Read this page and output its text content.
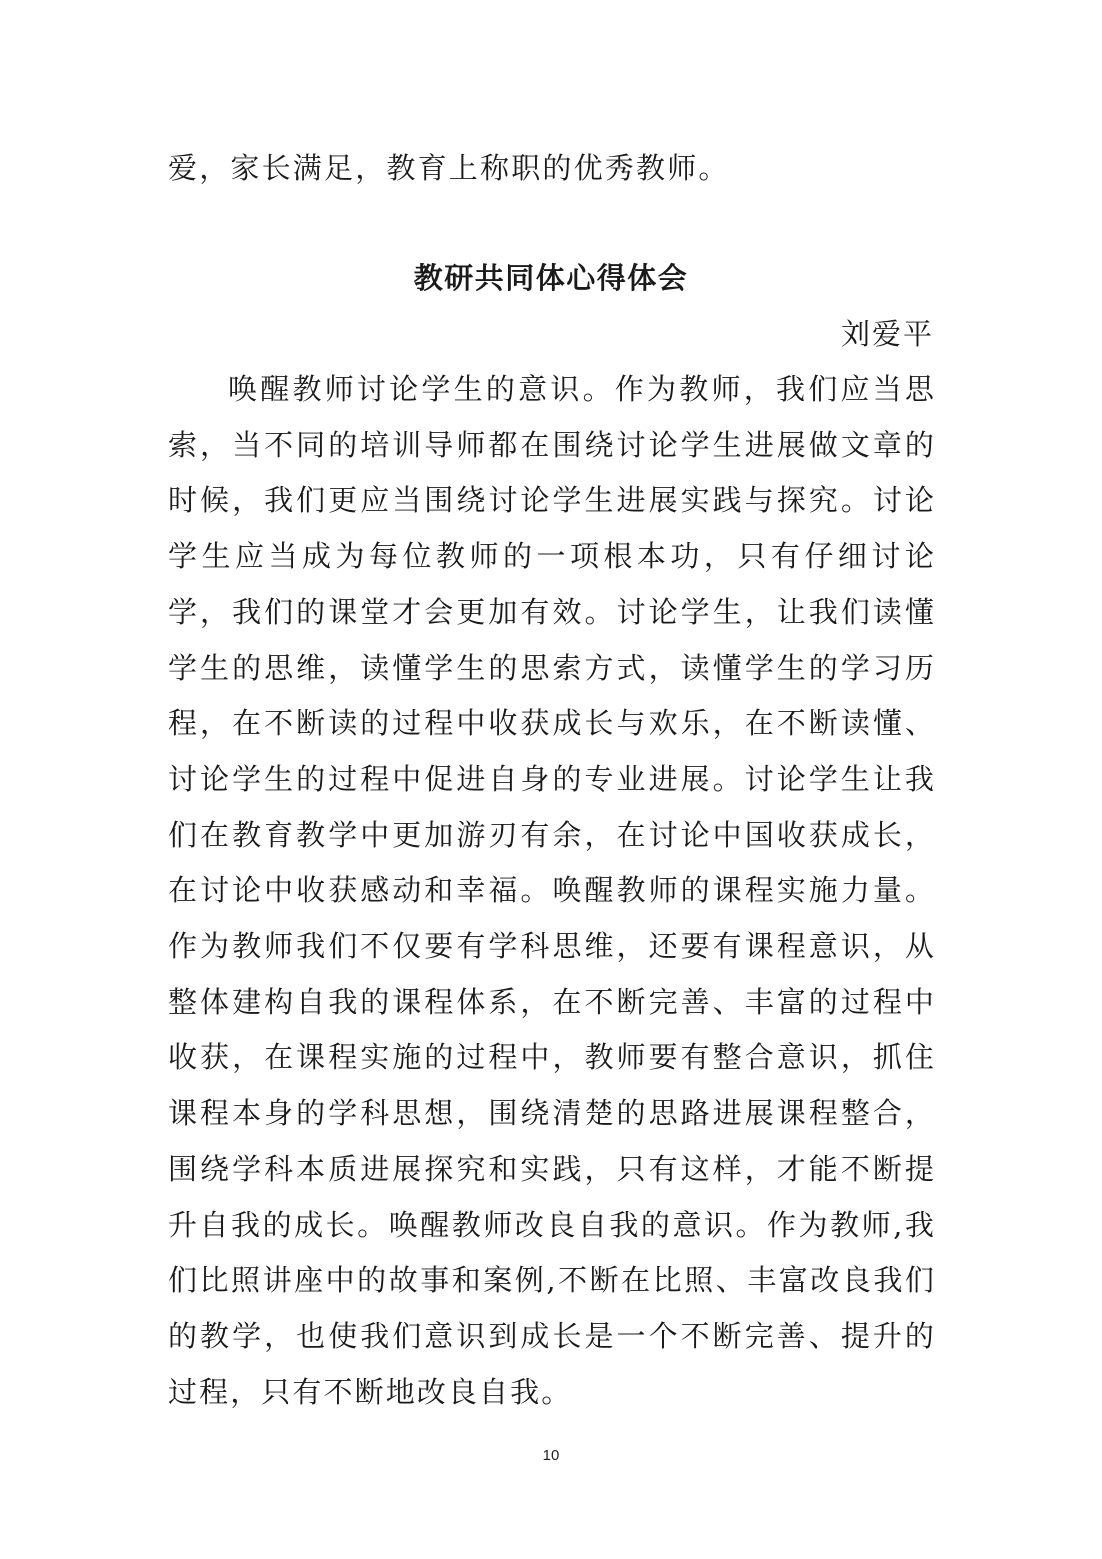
爱，家长满足，教育上称职的优秀教师。

教研共同体心得体会

刘爱平

唤醒教师讨论学生的意识。作为教师，我们应当思索，当不同的培训导师都在围绕讨论学生进展做文章的时候，我们更应当围绕讨论学生进展实践与探究。讨论学生应当成为每位教师的一项根本功，只有仔细讨论学，我们的课堂才会更加有效。讨论学生，让我们读懂学生的思维，读懂学生的思索方式，读懂学生的学习历程，在不断读的过程中收获成长与欢乐，在不断读懂、讨论学生的过程中促进自身的专业进展。讨论学生让我们在教育教学中更加游刃有余，在讨论中国收获成长，在讨论中收获感动和幸福。唤醒教师的课程实施力量。作为教师我们不仅要有学科思维，还要有课程意识，从整体建构自我的课程体系，在不断完善、丰富的过程中收获，在课程实施的过程中，教师要有整合意识，抓住课程本身的学科思想，围绕清楚的思路进展课程整合，围绕学科本质进展探究和实践，只有这样，才能不断提升自我的成长。唤醒教师改良自我的意识。作为教师,我们比照讲座中的故事和案例,不断在比照、丰富改良我们的教学，也使我们意识到成长是一个不断完善、提升的过程，只有不断地改良自我。

10
